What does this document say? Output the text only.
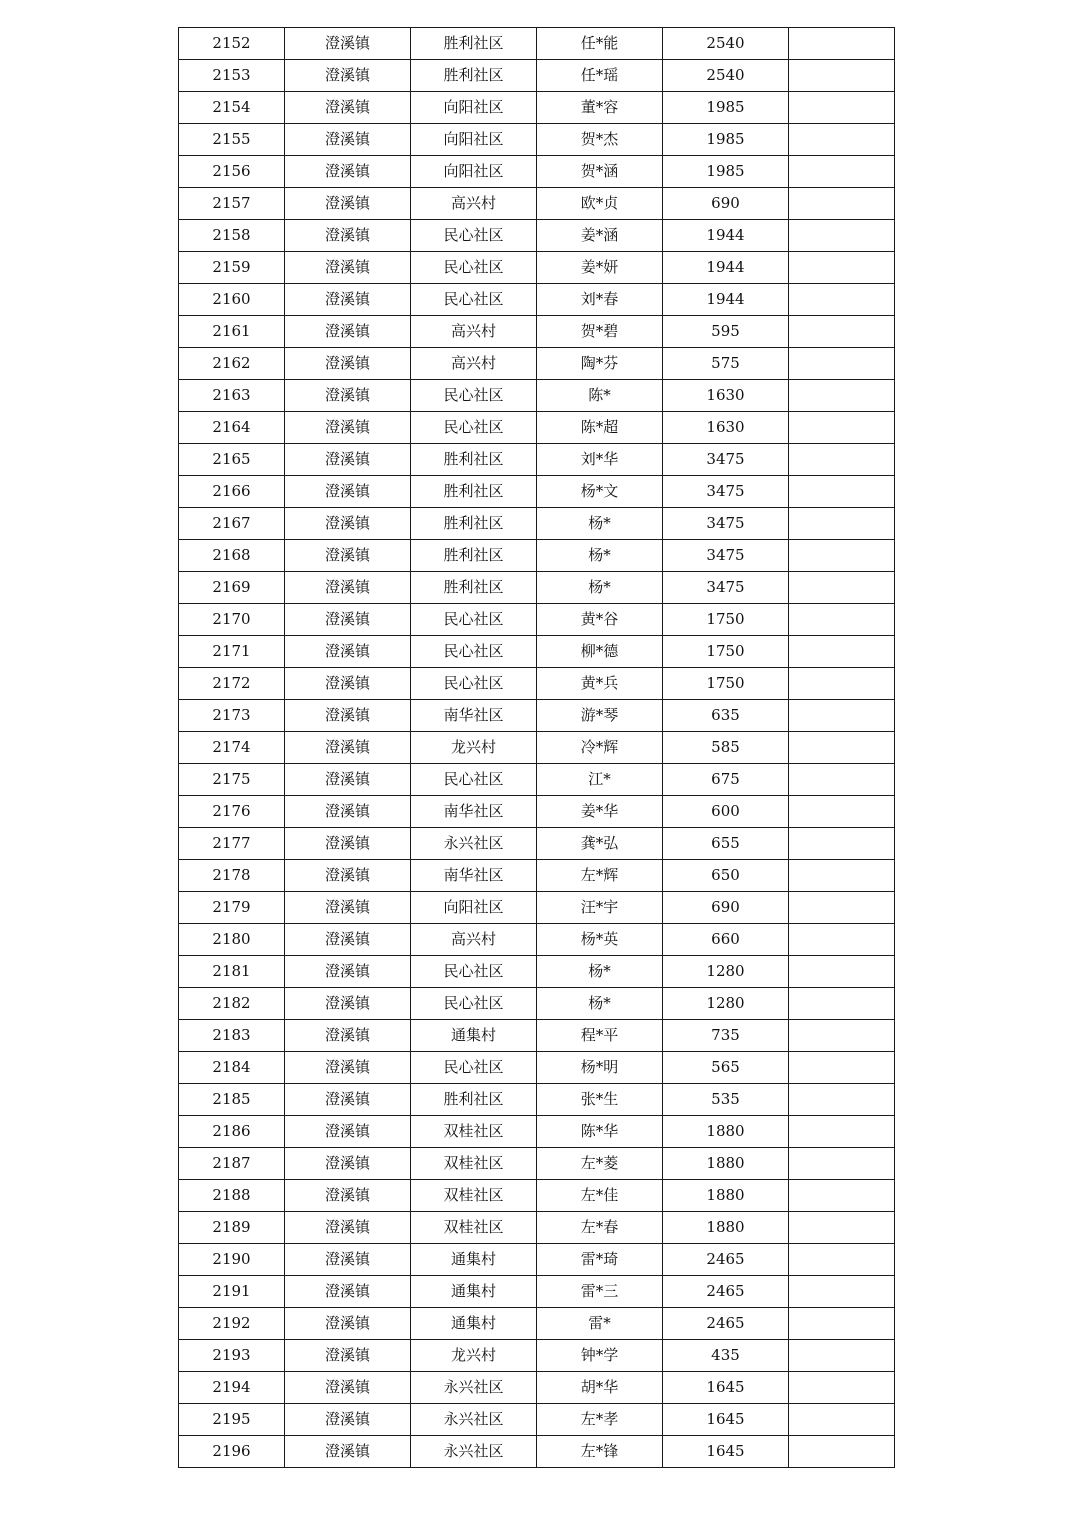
2152	澄溪镇	胜利社区	任*能	2540	
2153	澄溪镇	胜利社区	任*瑶	2540	
2154	澄溪镇	向阳社区	董*容	1985	
2155	澄溪镇	向阳社区	贺*杰	1985	
2156	澄溪镇	向阳社区	贺*涵	1985	
2157	澄溪镇	高兴村	欧*贞	690	
2158	澄溪镇	民心社区	姜*涵	1944	
2159	澄溪镇	民心社区	姜*妍	1944	
2160	澄溪镇	民心社区	刘*春	1944	
2161	澄溪镇	高兴村	贺*碧	595	
2162	澄溪镇	高兴村	陶*芬	575	
2163	澄溪镇	民心社区	陈*	1630	
2164	澄溪镇	民心社区	陈*超	1630	
2165	澄溪镇	胜利社区	刘*华	3475	
2166	澄溪镇	胜利社区	杨*文	3475	
2167	澄溪镇	胜利社区	杨*	3475	
2168	澄溪镇	胜利社区	杨*	3475	
2169	澄溪镇	胜利社区	杨*	3475	
2170	澄溪镇	民心社区	黄*谷	1750	
2171	澄溪镇	民心社区	柳*德	1750	
2172	澄溪镇	民心社区	黄*兵	1750	
2173	澄溪镇	南华社区	游*琴	635	
2174	澄溪镇	龙兴村	冷*辉	585	
2175	澄溪镇	民心社区	江*	675	
2176	澄溪镇	南华社区	姜*华	600	
2177	澄溪镇	永兴社区	龚*弘	655	
2178	澄溪镇	南华社区	左*辉	650	
2179	澄溪镇	向阳社区	汪*宇	690	
2180	澄溪镇	高兴村	杨*英	660	
2181	澄溪镇	民心社区	杨*	1280	
2182	澄溪镇	民心社区	杨*	1280	
2183	澄溪镇	通集村	程*平	735	
2184	澄溪镇	民心社区	杨*明	565	
2185	澄溪镇	胜利社区	张*生	535	
2186	澄溪镇	双桂社区	陈*华	1880	
2187	澄溪镇	双桂社区	左*菱	1880	
2188	澄溪镇	双桂社区	左*佳	1880	
2189	澄溪镇	双桂社区	左*春	1880	
2190	澄溪镇	通集村	雷*琦	2465	
2191	澄溪镇	通集村	雷*三	2465	
2192	澄溪镇	通集村	雷*	2465	
2193	澄溪镇	龙兴村	钟*学	435	
2194	澄溪镇	永兴社区	胡*华	1645	
2195	澄溪镇	永兴社区	左*孝	1645	
2196	澄溪镇	永兴社区	左*锋	1645	
